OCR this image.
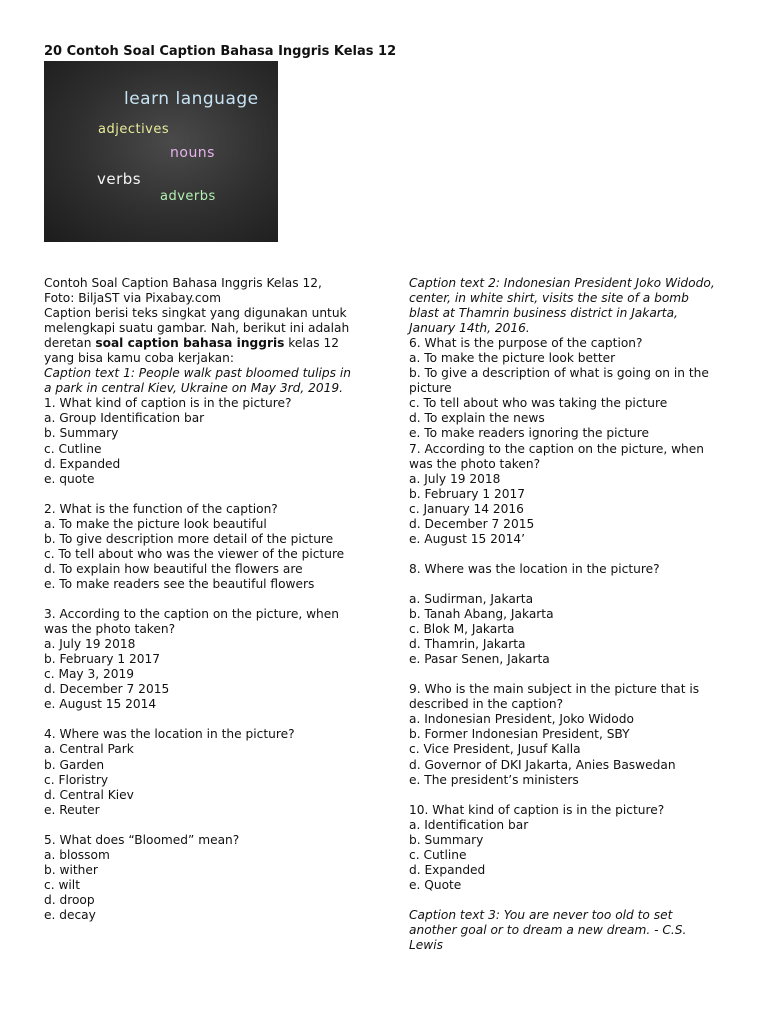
20 Contoh Soal Caption Bahasa Inggris Kelas 12
learn language
adjectives
nouns
verbs
adverbs

Contoh Soal Caption Bahasa Inggris Kelas 12,

Foto: BiljaST via Pixabay.com

Caption berisi teks singkat yang digunakan untuk

melengkapi suatu gambar. Nah, berikut ini adalah

deretan soal caption bahasa inggris kelas 12

yang bisa kamu coba kerjakan:

Caption text 1: People walk past bloomed tulips in

a park in central Kiev, Ukraine on May 3rd, 2019.

1. What kind of caption is in the picture?

a. Group Identification bar

b. Summary

c. Cutline

d. Expanded

e. quote

2. What is the function of the caption?

a. To make the picture look beautiful

b. To give description more detail of the picture

c. To tell about who was the viewer of the picture

d. To explain how beautiful the flowers are

e. To make readers see the beautiful flowers

3. According to the caption on the picture, when

was the photo taken?

a. July 19 2018

b. February 1 2017

c. May 3, 2019

d. December 7 2015

e. August 15 2014

4. Where was the location in the picture?

a. Central Park

b. Garden

c. Floristry

d. Central Kiev

e. Reuter

5. What does “Bloomed” mean?

a. blossom

b. wither

c. wilt

d. droop

e. decay

Caption text 2: Indonesian President Joko Widodo,

center, in white shirt, visits the site of a bomb

blast at Thamrin business district in Jakarta,

January 14th, 2016.

6. What is the purpose of the caption?

a. To make the picture look better

b. To give a description of what is going on in the

picture

c. To tell about who was taking the picture

d. To explain the news

e. To make readers ignoring the picture

7. According to the caption on the picture, when

was the photo taken?

a. July 19 2018

b. February 1 2017

c. January 14 2016

d. December 7 2015

e. August 15 2014’

8. Where was the location in the picture?

a. Sudirman, Jakarta

b. Tanah Abang, Jakarta

c. Blok M, Jakarta

d. Thamrin, Jakarta

e. Pasar Senen, Jakarta

9. Who is the main subject in the picture that is

described in the caption?

a. Indonesian President, Joko Widodo

b. Former Indonesian President, SBY

c. Vice President, Jusuf Kalla

d. Governor of DKI Jakarta, Anies Baswedan

e. The president’s ministers

10. What kind of caption is in the picture?

a. Identification bar

b. Summary

c. Cutline

d. Expanded

e. Quote

Caption text 3: You are never too old to set

another goal or to dream a new dream. - C.S.

Lewis
